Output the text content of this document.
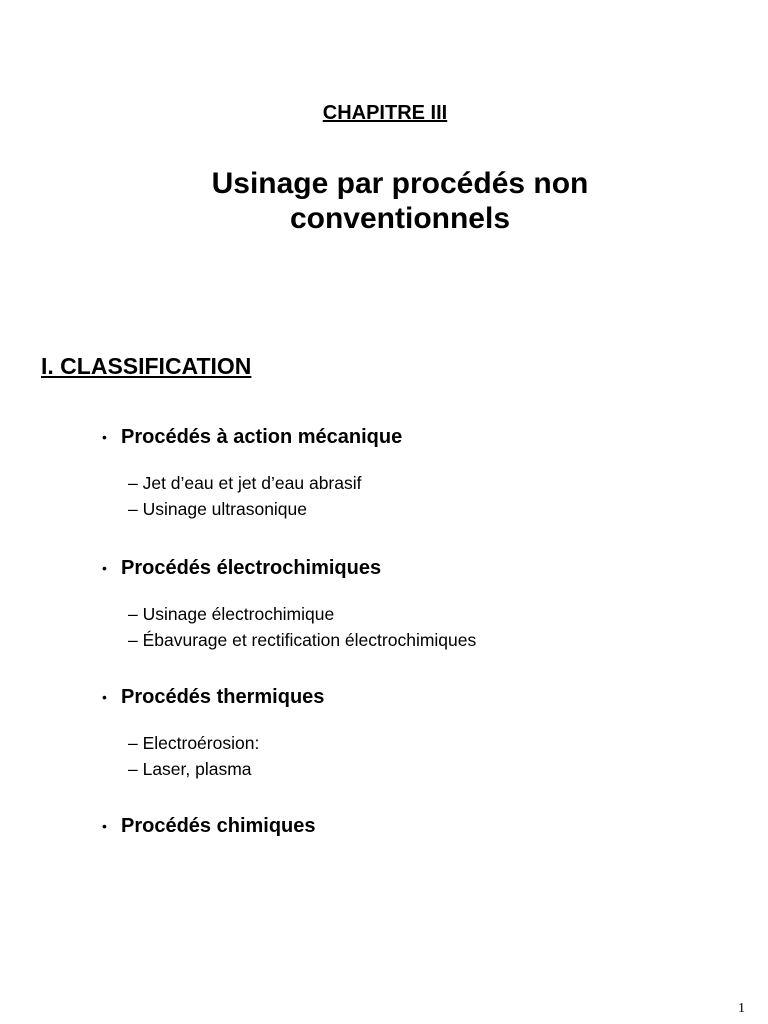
CHAPITRE III
Usinage par procédés non conventionnels
I. CLASSIFICATION
• Procédés à action mécanique
– Jet d’eau et jet d’eau abrasif
– Usinage ultrasonique
• Procédés électrochimiques
– Usinage électrochimique
– Ébavurage et rectification électrochimiques
• Procédés thermiques
– Electroérosion:
– Laser, plasma
• Procédés chimiques
1
